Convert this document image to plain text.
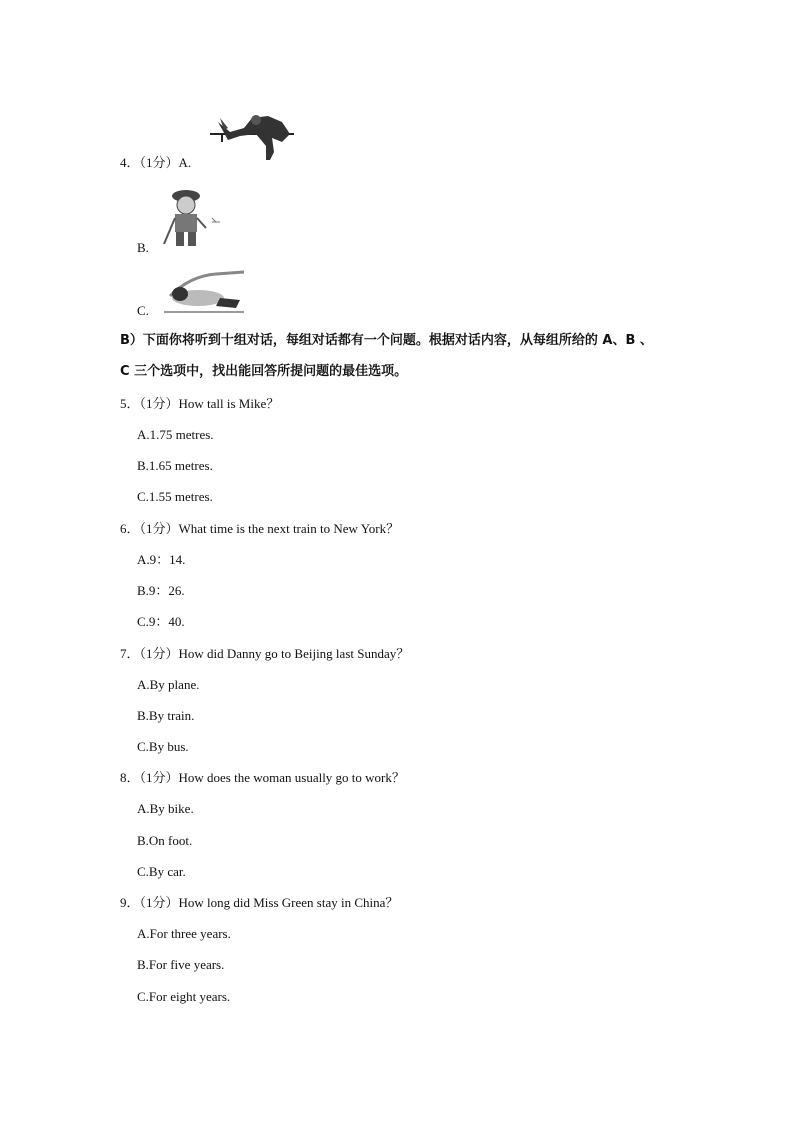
4．（1分）A.
B.
C.
B）下面你将听到十组对话，每组对话都有一个问题。根据对话内容，从每组所给的 A、B 、
C 三个选项中，找出能回答所提问题的最佳选项。
5．（1分）How tall is Mike？
A.1.75 metres.
B.1.65 metres.
C.1.55 metres.
6．（1分）What time is the next train to New York？
A.9：14.
B.9：26.
C.9：40.
7．（1分）How did Danny go to Beijing last Sunday？
A.By plane.
B.By train.
C.By bus.
8．（1分）How does the woman usually go to work？
A.By bike.
B.On foot.
C.By car.
9．（1分）How long did Miss Green stay in China？
A.For three years.
B.For five years.
C.For eight years.
